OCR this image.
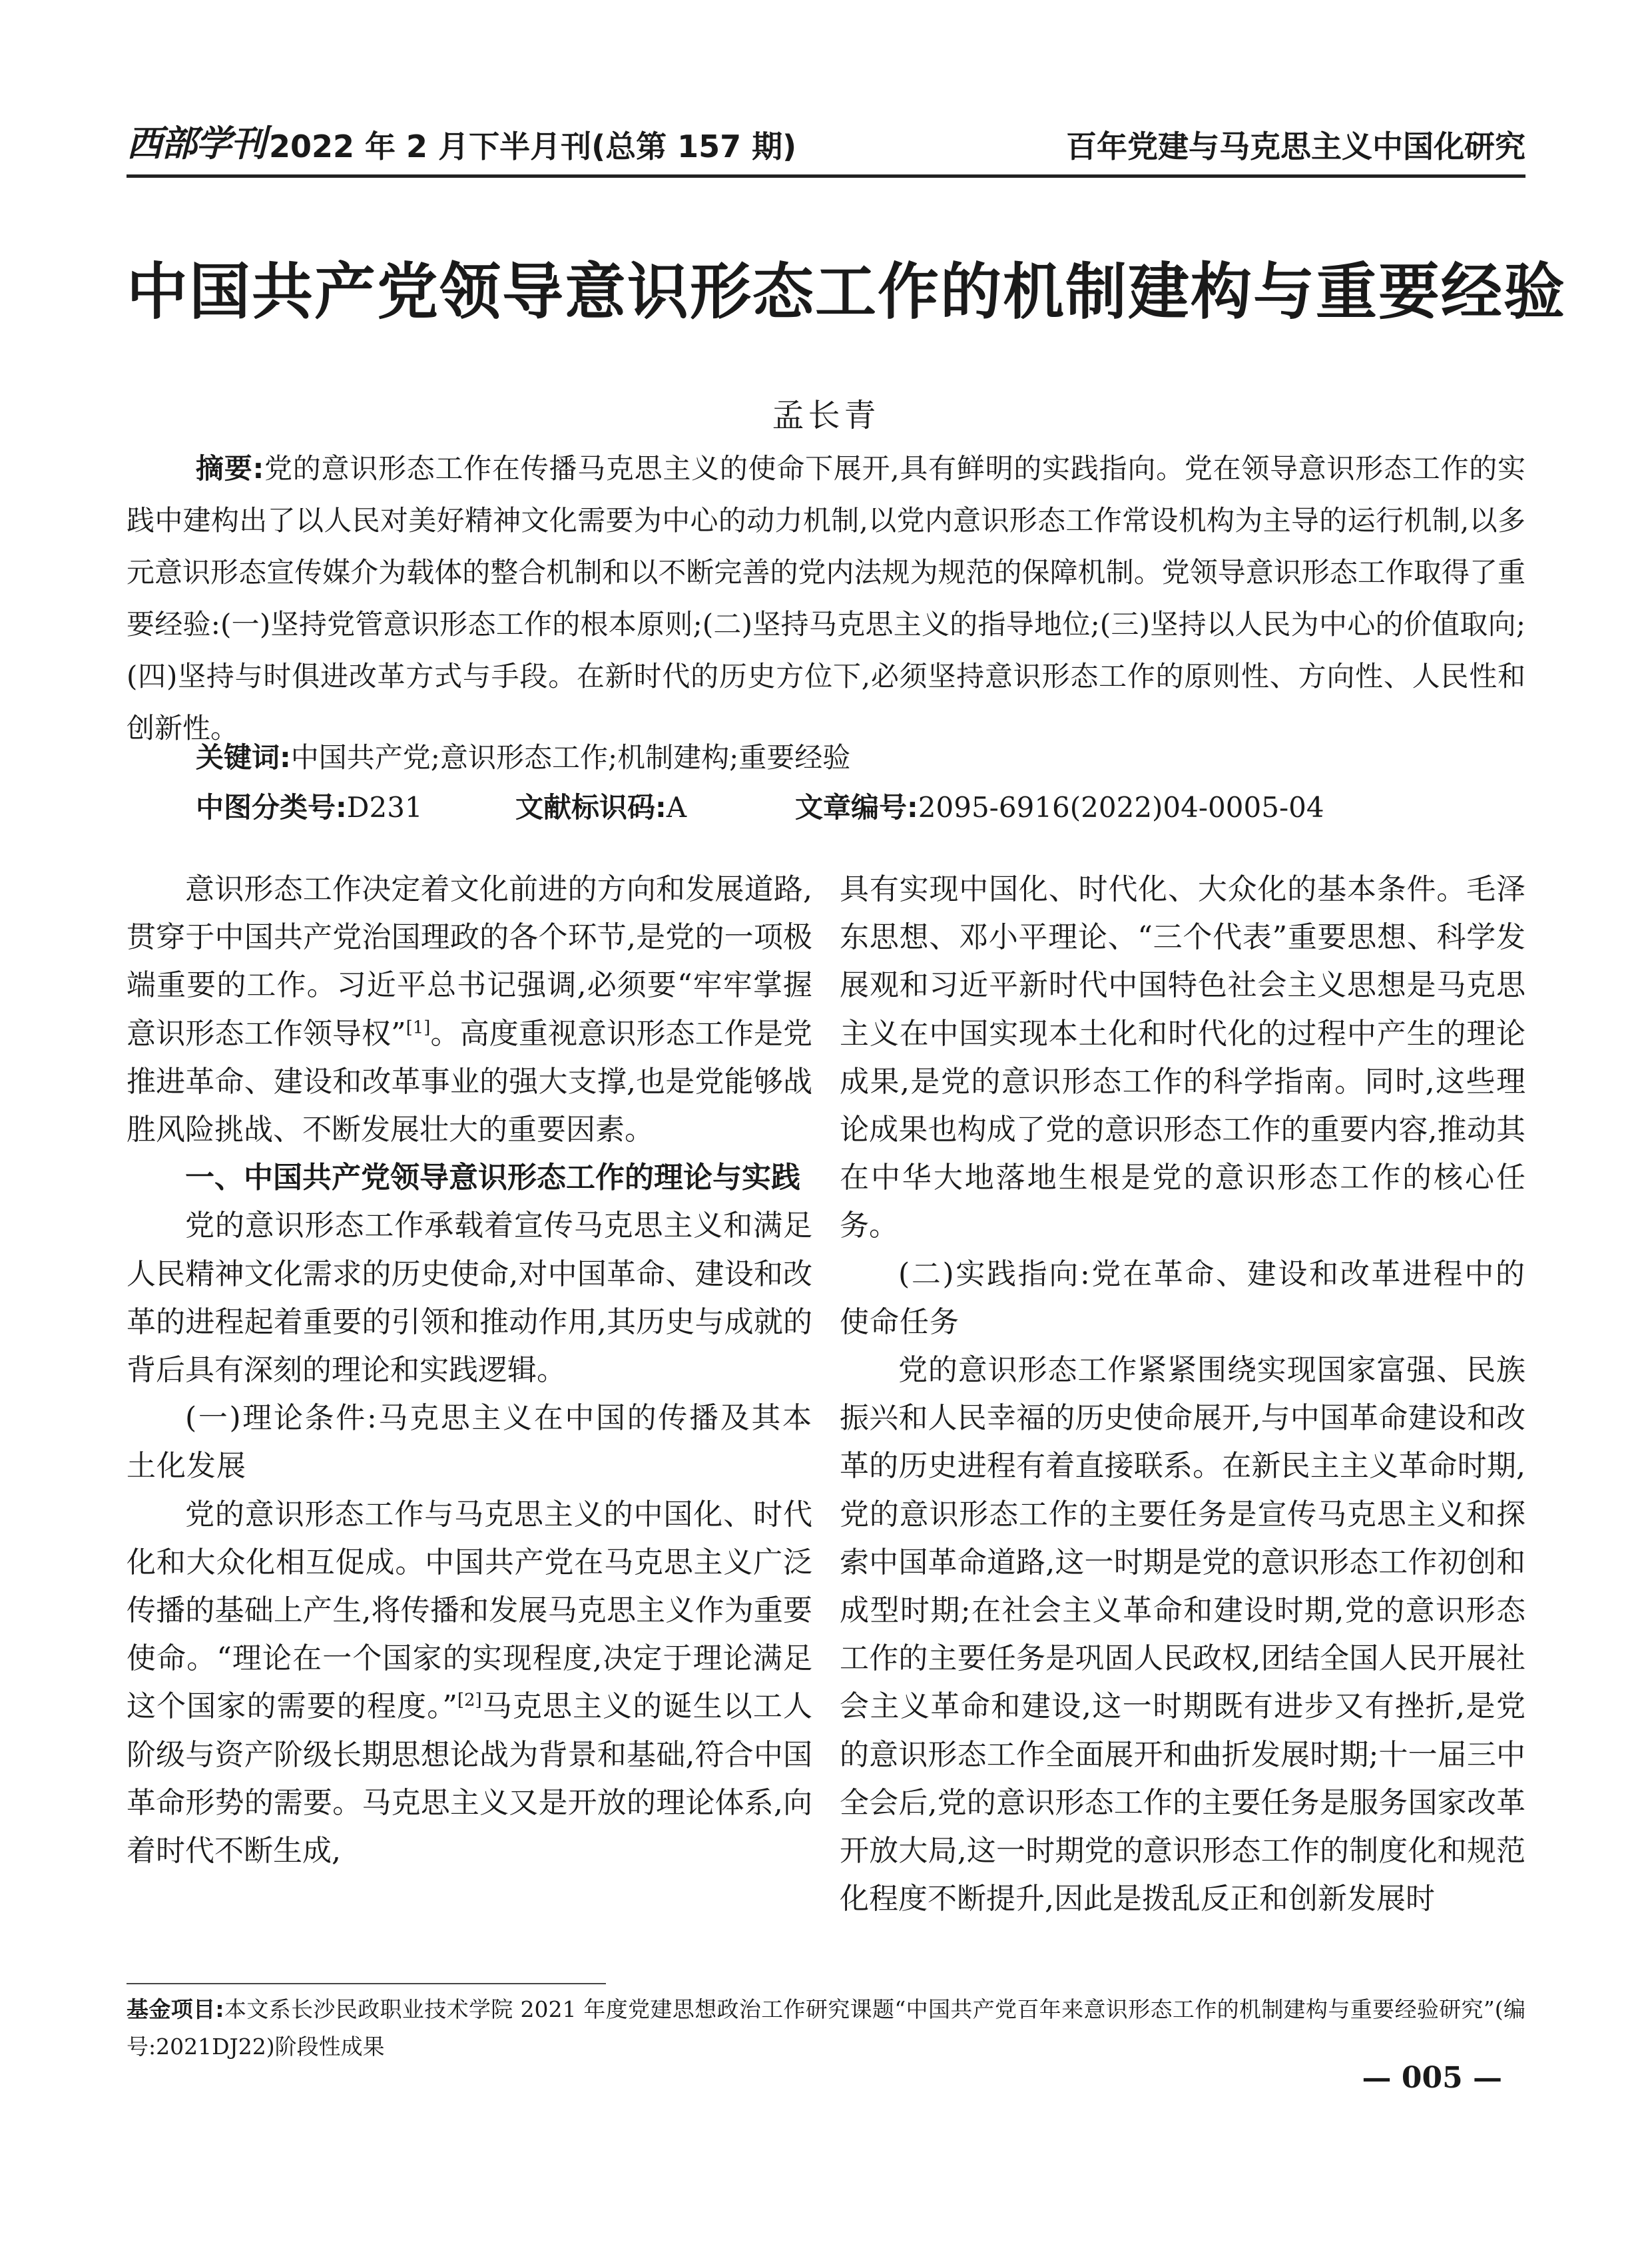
西部学刊 2022 年 2 月下半月刊(总第 157 期)	百年党建与马克思主义中国化研究
中国共产党领导意识形态工作的机制建构与重要经验
孟长青
摘要:党的意识形态工作在传播马克思主义的使命下展开,具有鲜明的实践指向。党在领导意识形态工作的实践中建构出了以人民对美好精神文化需要为中心的动力机制,以党内意识形态工作常设机构为主导的运行机制,以多元意识形态宣传媒介为载体的整合机制和以不断完善的党内法规为规范的保障机制。党领导意识形态工作取得了重要经验:(一)坚持党管意识形态工作的根本原则;(二)坚持马克思主义的指导地位;(三)坚持以人民为中心的价值取向;(四)坚持与时俱进改革方式与手段。在新时代的历史方位下,必须坚持意识形态工作的原则性、方向性、人民性和创新性。
关键词:中国共产党;意识形态工作;机制建构;重要经验
中图分类号:D231	文献标识码:A	文章编号:2095-6916(2022)04-0005-04

意识形态工作决定着文化前进的方向和发展道路,贯穿于中国共产党治国理政的各个环节,是党的一项极端重要的工作。习近平总书记强调,必须要“牢牢掌握意识形态工作领导权”[1]。高度重视意识形态工作是党推进革命、建设和改革事业的强大支撑,也是党能够战胜风险挑战、不断发展壮大的重要因素。

一、中国共产党领导意识形态工作的理论与实践

党的意识形态工作承载着宣传马克思主义和满足人民精神文化需求的历史使命,对中国革命、建设和改革的进程起着重要的引领和推动作用,其历史与成就的背后具有深刻的理论和实践逻辑。

(一)理论条件:马克思主义在中国的传播及其本土化发展

党的意识形态工作与马克思主义的中国化、时代化和大众化相互促成。中国共产党在马克思主义广泛传播的基础上产生,将传播和发展马克思主义作为重要使命。“理论在一个国家的实现程度,决定于理论满足这个国家的需要的程度。”[2]马克思主义的诞生以工人阶级与资产阶级长期思想论战为背景和基础,符合中国革命形势的需要。马克思主义又是开放的理论体系,向着时代不断生成,

具有实现中国化、时代化、大众化的基本条件。毛泽东思想、邓小平理论、“三个代表”重要思想、科学发展观和习近平新时代中国特色社会主义思想是马克思主义在中国实现本土化和时代化的过程中产生的理论成果,是党的意识形态工作的科学指南。同时,这些理论成果也构成了党的意识形态工作的重要内容,推动其在中华大地落地生根是党的意识形态工作的核心任务。

(二)实践指向:党在革命、建设和改革进程中的使命任务

党的意识形态工作紧紧围绕实现国家富强、民族振兴和人民幸福的历史使命展开,与中国革命建设和改革的历史进程有着直接联系。在新民主主义革命时期,党的意识形态工作的主要任务是宣传马克思主义和探索中国革命道路,这一时期是党的意识形态工作初创和成型时期;在社会主义革命和建设时期,党的意识形态工作的主要任务是巩固人民政权,团结全国人民开展社会主义革命和建设,这一时期既有进步又有挫折,是党的意识形态工作全面展开和曲折发展时期;十一届三中全会后,党的意识形态工作的主要任务是服务国家改革开放大局,这一时期党的意识形态工作的制度化和规范化程度不断提升,因此是拨乱反正和创新发展时

基金项目:本文系长沙民政职业技术学院 2021 年度党建思想政治工作研究课题“中国共产党百年来意识形态工作的机制建构与重要经验研究”(编号:2021DJ22)阶段性成果
— 005 —
